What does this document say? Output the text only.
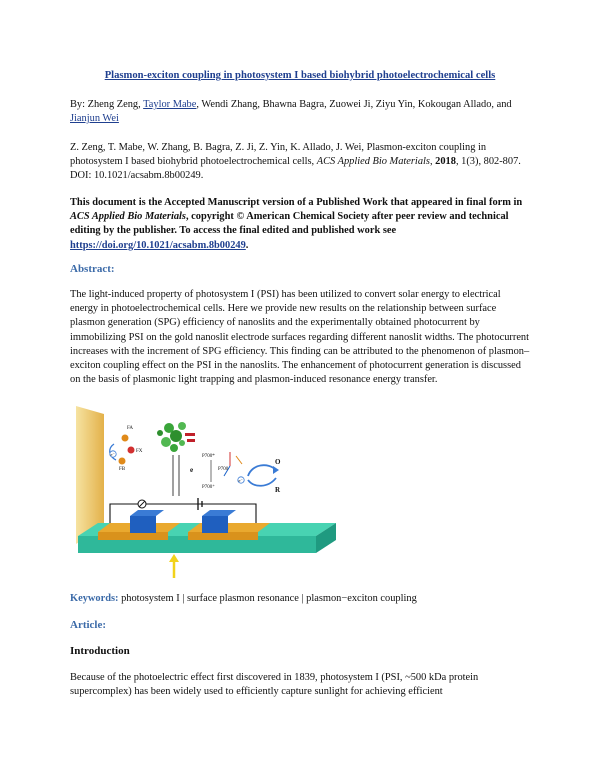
Plasmon-exciton coupling in photosystem I based biohybrid photoelectrochemical cells
By: Zheng Zeng, Taylor Mabe, Wendi Zhang, Bhawna Bagra, Zuowei Ji, Ziyu Yin, Kokougan Allado, and Jianjun Wei
Z. Zeng, T. Mabe, W. Zhang, B. Bagra, Z. Ji, Z. Yin, K. Allado, J. Wei, Plasmon-exciton coupling in photosystem I based biohybrid photoelectrochemical cells, ACS Applied Bio Materials, 2018, 1(3), 802-807. DOI: 10.1021/acsabm.8b00249.
This document is the Accepted Manuscript version of a Published Work that appeared in final form in ACS Applied Bio Materials, copyright © American Chemical Society after peer review and technical editing by the publisher. To access the final edited and published work see https://doi.org/10.1021/acsabm.8b00249.
Abstract:
The light-induced property of photosystem I (PSI) has been utilized to convert solar energy to electrical energy in photoelectrochemical cells. Here we provide new results on the relationship between surface plasmon generation (SPG) efficiency of nanoslits and the experimentally obtained photocurrent by immobilizing PSI on the gold nanoslit electrode surfaces regarding different nanoslit widths. The photocurrent increases with the increment of SPG efficiency. This finding can be attributed to the phenomenon of plasmon–exciton coupling effect on the PSI in the nanoslits. The enhancement of photocurrent generation is discussed on the basis of plasmonic light trapping and plasmon-induced resonance energy transfer.
FA
FX
FB
e⁻
e
P700*
P700
P700⁺
e⁻
O
R
Keywords: photosystem I | surface plasmon resonance | plasmon−exciton coupling
Article:
Introduction
Because of the photoelectric effect first discovered in 1839, photosystem I (PSI, ~500 kDa protein supercomplex) has been widely used to efficiently capture sunlight for achieving efficient
